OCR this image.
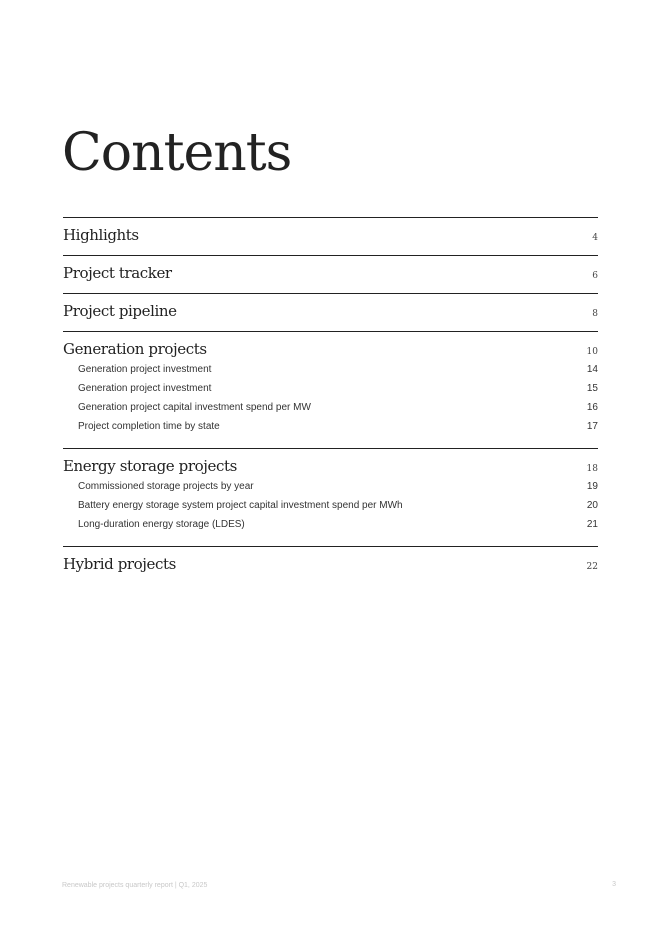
Contents
Highlights	4
Project tracker	6
Project pipeline	8
Generation projects	10
Generation project investment	14
Generation project investment	15
Generation project capital investment spend per MW	16
Project completion time by state	17
Energy storage projects	18
Commissioned storage projects by year	19
Battery energy storage system project capital investment spend per MWh	20
Long-duration energy storage (LDES)	21
Hybrid projects	22
Renewable projects quarterly report | Q1, 2025	3
